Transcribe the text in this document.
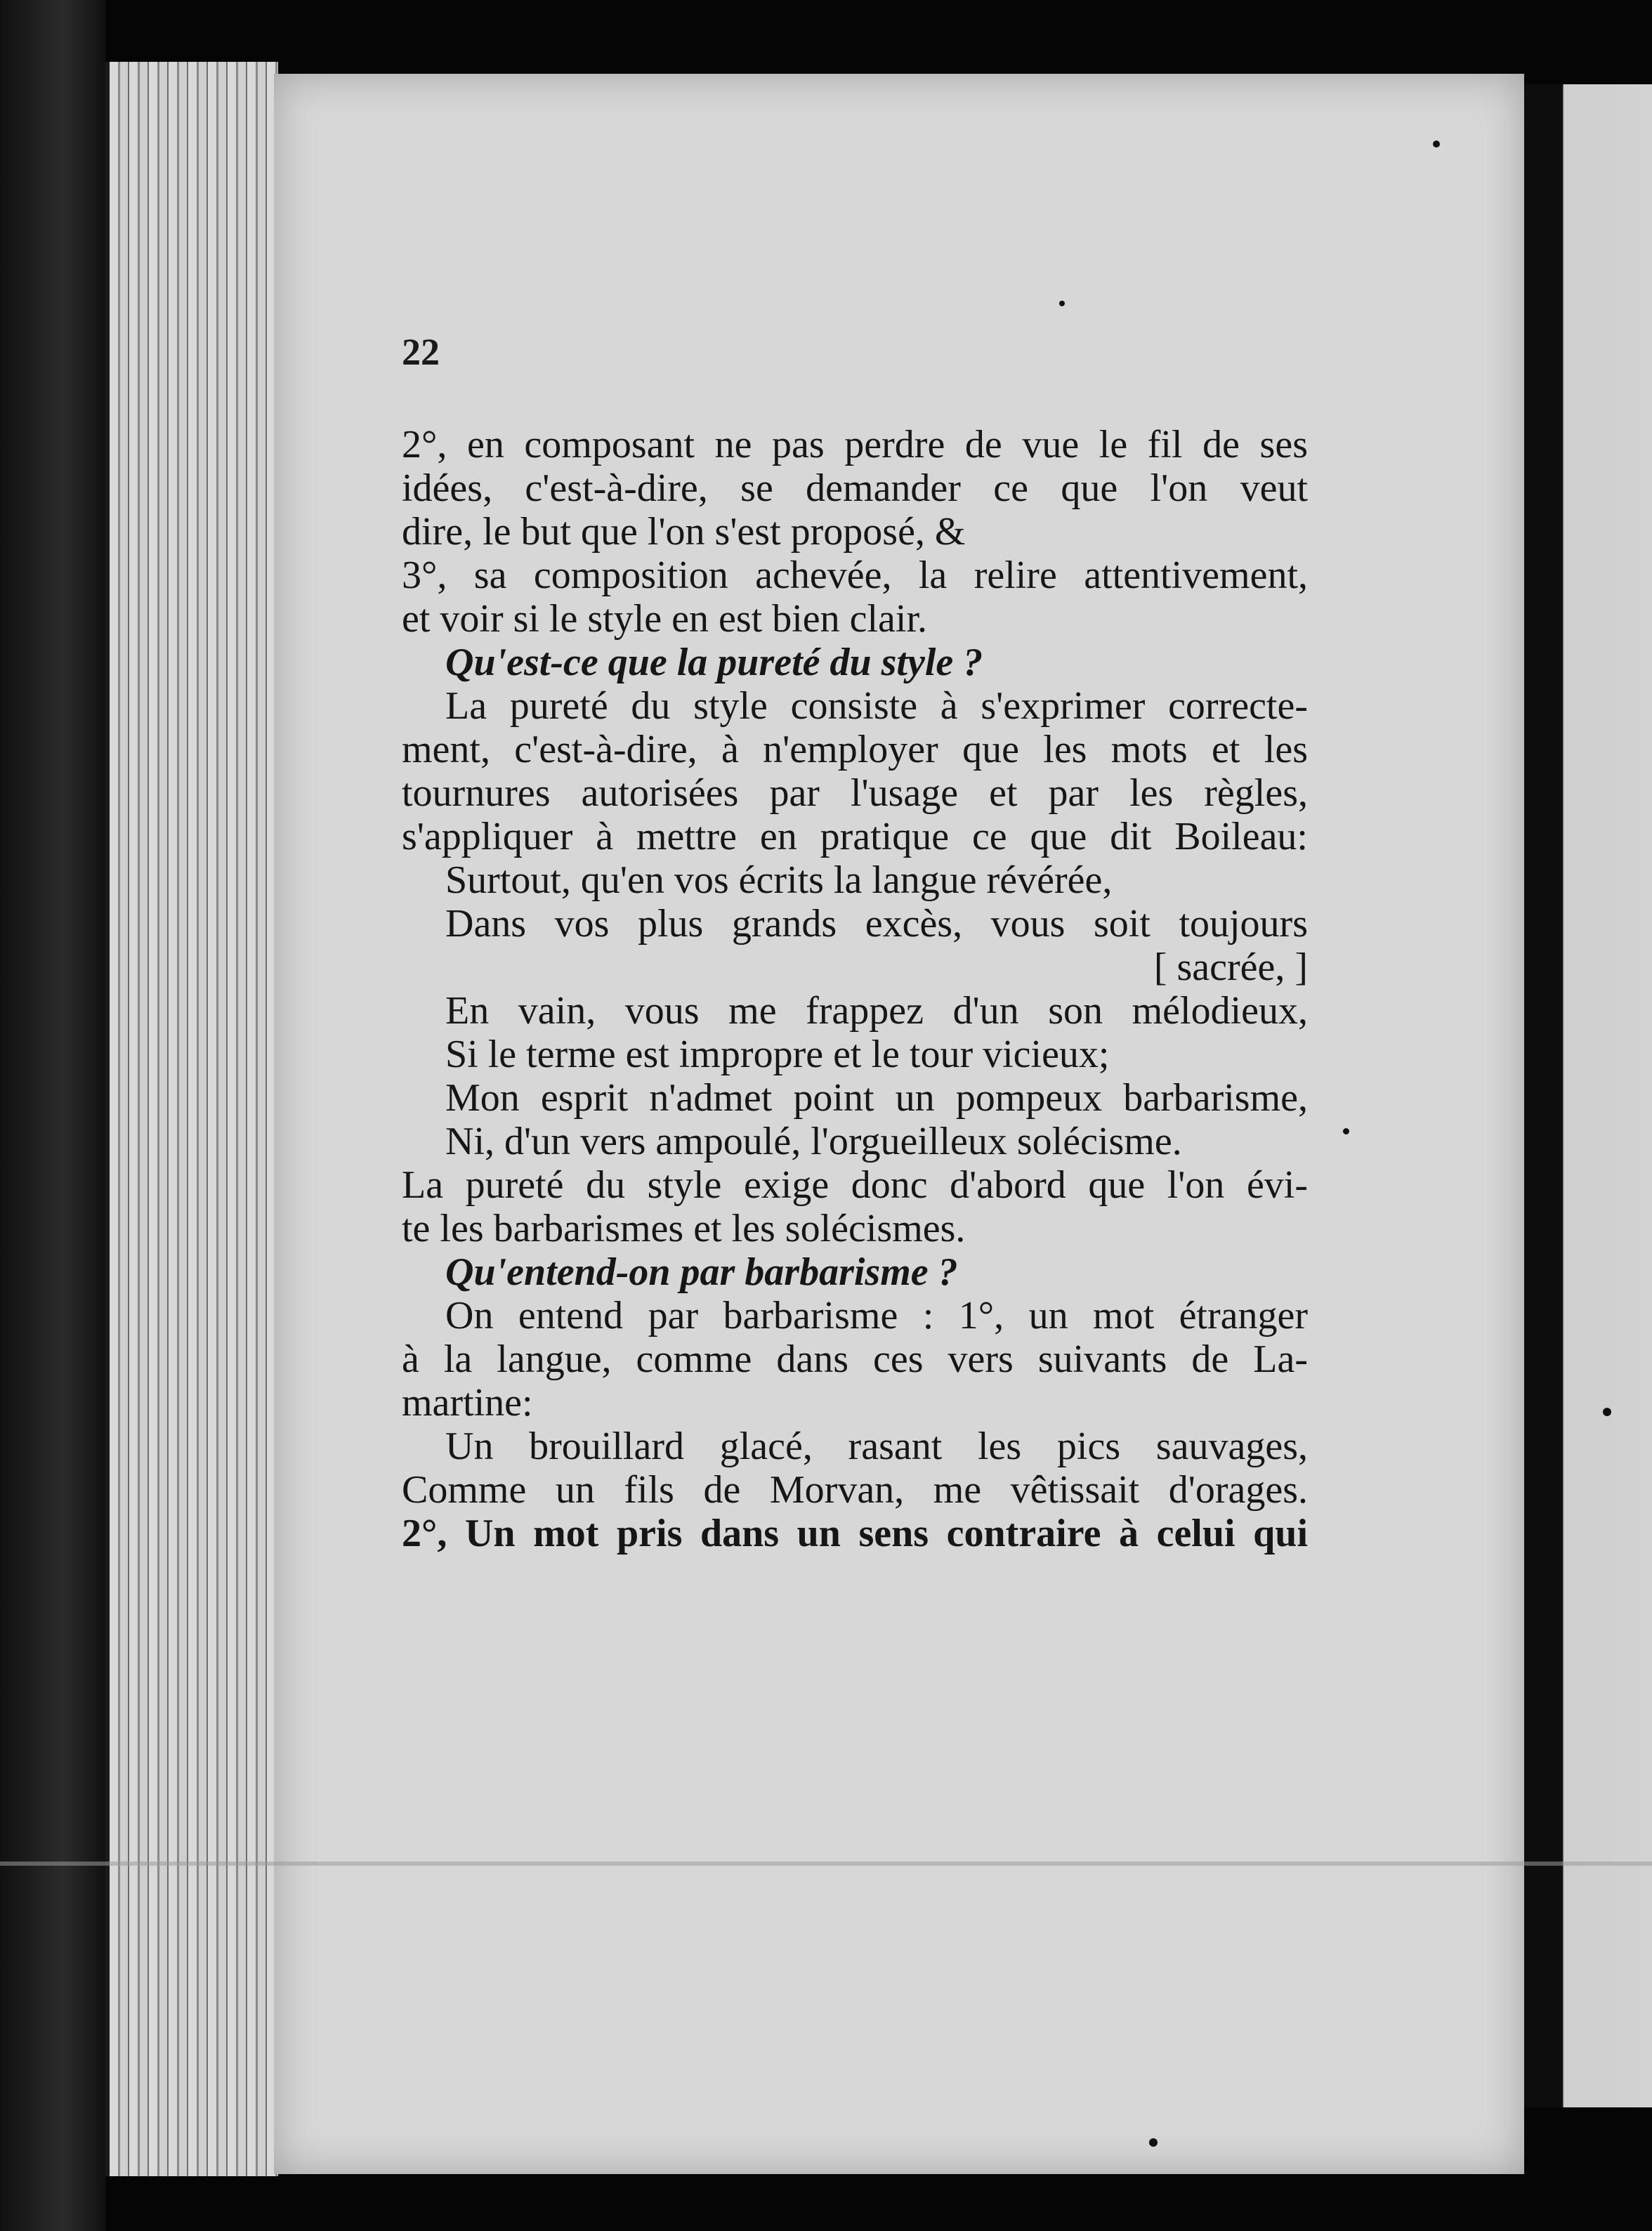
22
2°, en composant ne pas perdre de vue le fil de ses
idées, c'est-à-dire, se demander ce que l'on veut
dire, le but que l'on s'est proposé, &
3°, sa composition achevée, la relire attentivement,
et voir si le style en est bien clair.
Qu'est-ce que la pureté du style ?
La pureté du style consiste à s'exprimer correcte-
ment, c'est-à-dire, à n'employer que les mots et les
tournures autorisées par l'usage et par les règles,
s'appliquer à mettre en pratique ce que dit Boileau:
Surtout, qu'en vos écrits la langue révérée,
Dans vos plus grands excès, vous soit toujours
[ sacrée, ]
En vain, vous me frappez d'un son mélodieux,
Si le terme est impropre et le tour vicieux;
Mon esprit n'admet point un pompeux barbarisme,
Ni, d'un vers ampoulé, l'orgueilleux solécisme.
La pureté du style exige donc d'abord que l'on évi-
te les barbarismes et les solécismes.
Qu'entend-on par barbarisme ?
On entend par barbarisme : 1°, un mot étranger
à la langue, comme dans ces vers suivants de La-
martine:
Un brouillard glacé, rasant les pics sauvages,
Comme un fils de Morvan, me vêtissait d'orages.
2°, Un mot pris dans un sens contraire à celui qui
